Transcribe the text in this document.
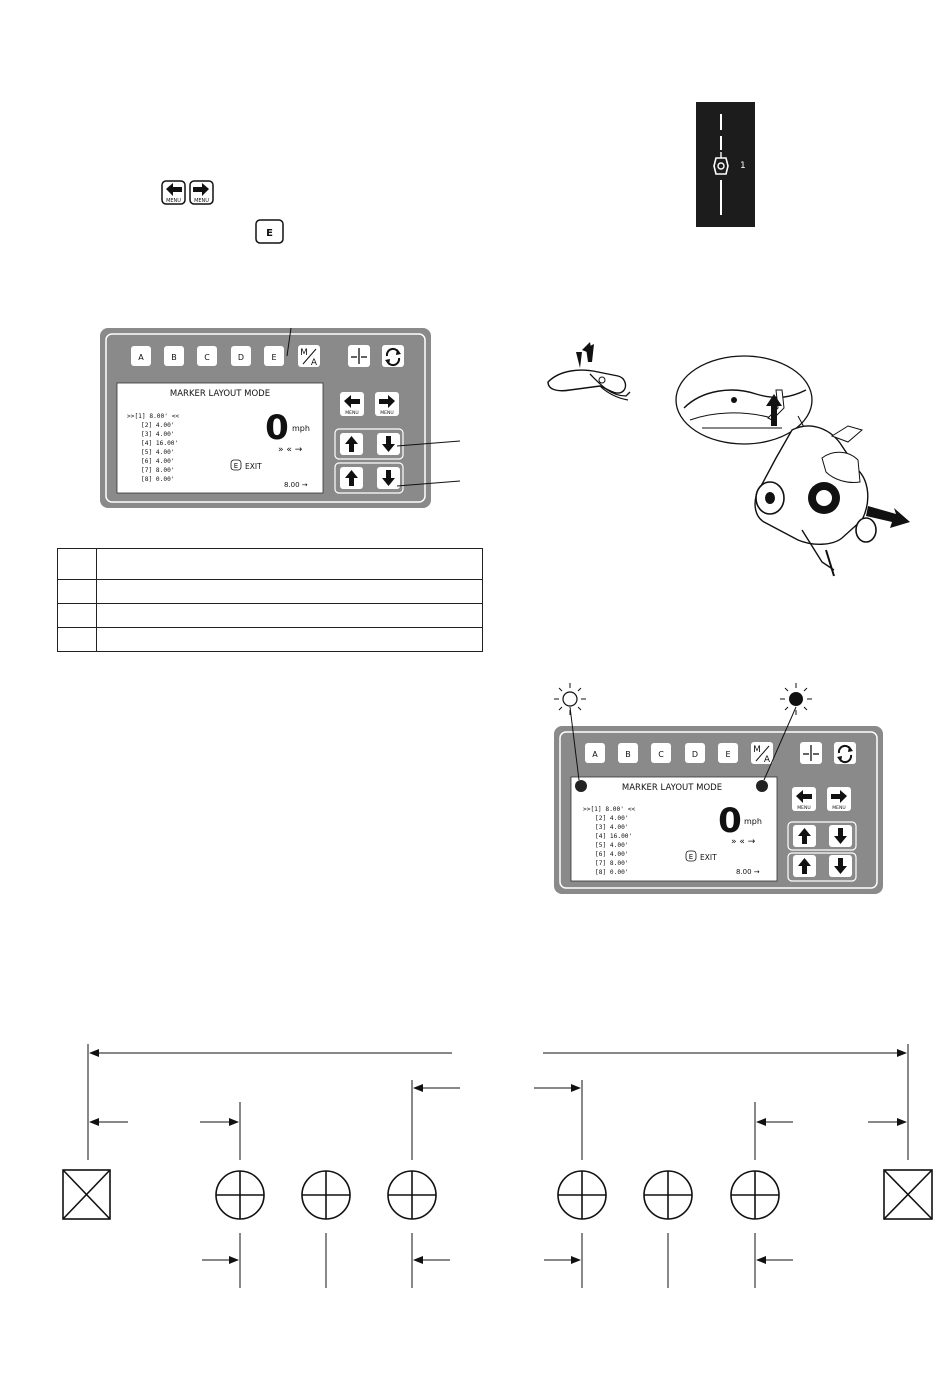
MENU	MENU
E
1
A	B	C	D	E	M
A
MARKER LAYOUT MODE
>>[1] 8.00' <<
[2] 4.00'
[3] 4.00'
[4] 16.00'
[5] 4.00'
[6] 4.00'
[7] 8.00'
[8] 0.00'
0 mph
» « →
E EXIT
8.00 →
MENU	MENU

A	B	C	D	E	M
A
MARKER LAYOUT MODE
>>[1] 8.00' <<
[2] 4.00'
[3] 4.00'
[4] 16.00'
[5] 4.00'
[6] 4.00'
[7] 8.00'
[8] 0.00'
0 mph
» « →
E EXIT
8.00 →
MENU	MENU
